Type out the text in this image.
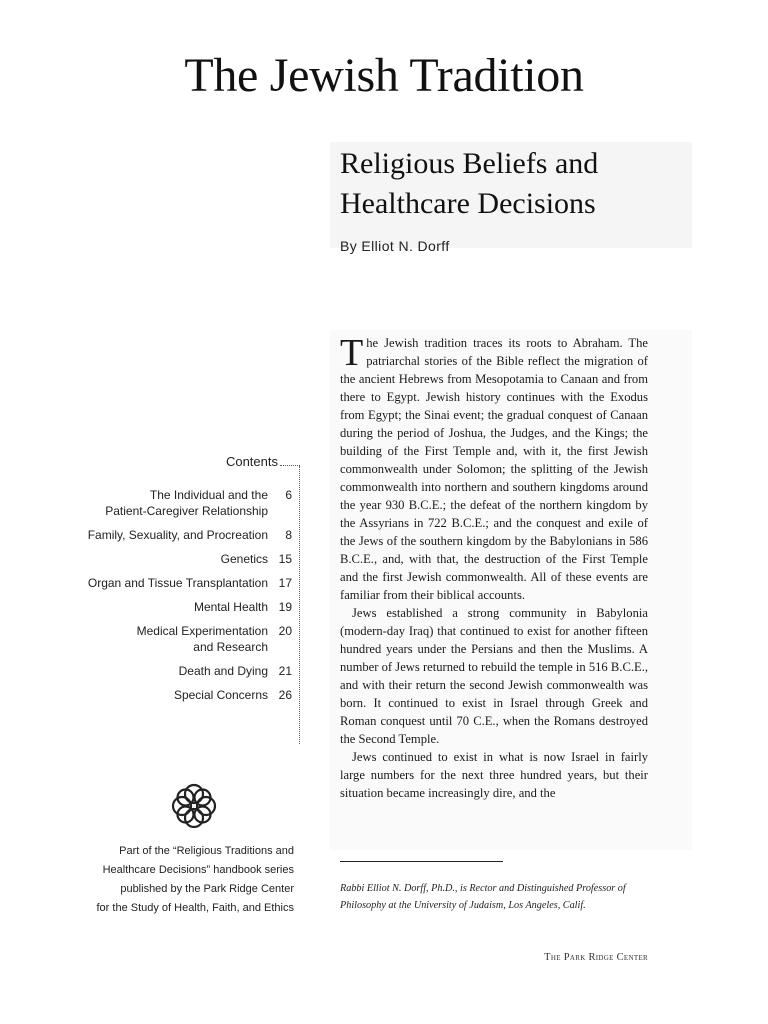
The Jewish Tradition
Religious Beliefs and
Healthcare Decisions
By Elliot N. Dorff
Contents
The Individual and the
Patient-Caregiver Relationship
6
Family, Sexuality, and Procreation	8
Genetics 15
Organ and Tissue Transplantation 17
Mental Health 19
Medical Experimentation
and Research
20
Death and Dying 21
Special Concerns 26
Part of the “Religious Traditions and
Healthcare Decisions” handbook series
published by the Park Ridge Center
for the Study of Health, Faith, and Ethics

The Jewish tradition traces its roots to Abraham. The patriarchal stories of the Bible reflect the migration of the ancient Hebrews from Mesopotamia to Canaan and from there to Egypt. Jewish history continues with the Exodus from Egypt; the Sinai event; the gradual conquest of Canaan during the period of Joshua, the Judges, and the Kings; the building of the First Temple and, with it, the first Jewish commonwealth under Solomon; the splitting of the Jewish commonwealth into northern and southern kingdoms around the year 930 B.C.E.; the defeat of the northern kingdom by the Assyrians in 722 B.C.E.; and the conquest and exile of the Jews of the southern kingdom by the Babylonians in 586 B.C.E., and, with that, the destruction of the First Temple and the first Jewish commonwealth. All of these events are familiar from their biblical accounts.

Jews established a strong community in Babylonia (modern-day Iraq) that continued to exist for another fifteen hundred years under the Persians and then the Muslims. A number of Jews returned to rebuild the temple in 516 B.C.E., and with their return the second Jewish commonwealth was born. It continued to exist in Israel through Greek and Roman conquest until 70 C.E., when the Romans destroyed the Second Temple.

Jews continued to exist in what is now Israel in fairly large numbers for the next three hundred years, but their situation became increasingly dire, and the

Rabbi Elliot N. Dorff, Ph.D., is Rector and Distinguished Professor of Philosophy at the University of Judaism, Los Angeles, Calif.
The Park Ridge Center
